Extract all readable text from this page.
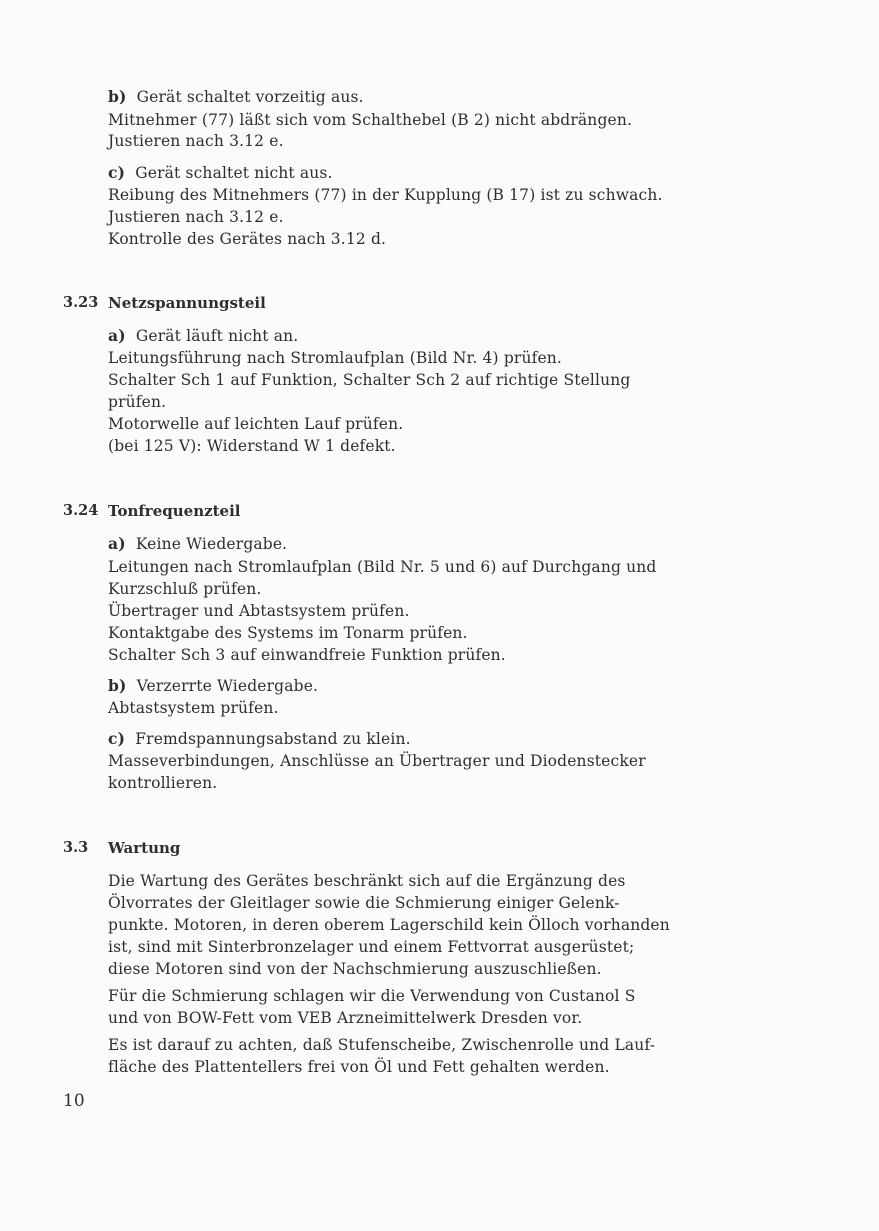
b) Gerät schaltet vorzeitig aus.
Mitnehmer (77) läßt sich vom Schalthebel (B 2) nicht abdrängen.
Justieren nach 3.12 e.
c) Gerät schaltet nicht aus.
Reibung des Mitnehmers (77) in der Kupplung (B 17) ist zu schwach.
Justieren nach 3.12 e.
Kontrolle des Gerätes nach 3.12 d.
3.23 Netzspannungsteil
a) Gerät läuft nicht an.
Leitungsführung nach Stromlaufplan (Bild Nr. 4) prüfen.
Schalter Sch 1 auf Funktion, Schalter Sch 2 auf richtige Stellung
prüfen.
Motorwelle auf leichten Lauf prüfen.
(bei 125 V): Widerstand W 1 defekt.
3.24 Tonfrequenzteil
a) Keine Wiedergabe.
Leitungen nach Stromlaufplan (Bild Nr. 5 und 6) auf Durchgang und
Kurzschluß prüfen.
Übertrager und Abtastsystem prüfen.
Kontaktgabe des Systems im Tonarm prüfen.
Schalter Sch 3 auf einwandfreie Funktion prüfen.
b) Verzerrte Wiedergabe.
Abtastsystem prüfen.
c) Fremdspannungsabstand zu klein.
Masseverbindungen, Anschlüsse an Übertrager und Diodenstecker
kontrollieren.
3.3 Wartung
Die Wartung des Gerätes beschränkt sich auf die Ergänzung des
Ölvorrates der Gleitlager sowie die Schmierung einiger Gelenk-
punkte. Motoren, in deren oberem Lagerschild kein Ölloch vorhanden
ist, sind mit Sinterbronzelager und einem Fettvorrat ausgerüstet;
diese Motoren sind von der Nachschmierung auszuschließen.
Für die Schmierung schlagen wir die Verwendung von Custanol S
und von BOW-Fett vom VEB Arzneimittelwerk Dresden vor.
Es ist darauf zu achten, daß Stufenscheibe, Zwischenrolle und Lauf-
fläche des Plattentellers frei von Öl und Fett gehalten werden.
10
